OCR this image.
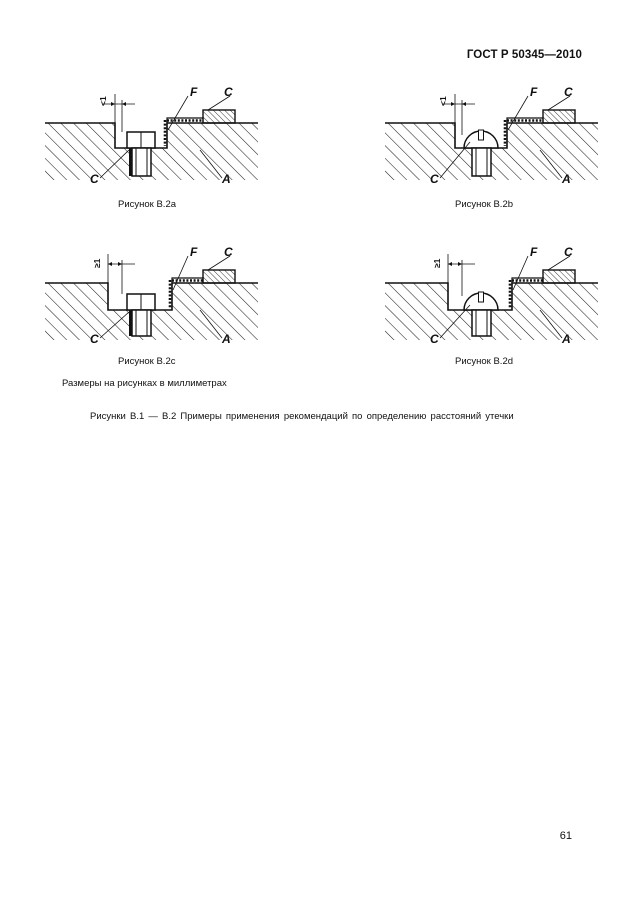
ГОСТ Р 50345—2010
<1
F C
C	A
Рисунок В.2а
<1
F C
C	A
Рисунок В.2b
≥1
F C
C	A
Рисунок В.2с
≥1
F C
C	A
Рисунок В.2d
Размеры на рисунках в миллиметрах
Рисунки В.1 — В.2 Примеры применения рекомендаций по определению расстояний утечки
61
